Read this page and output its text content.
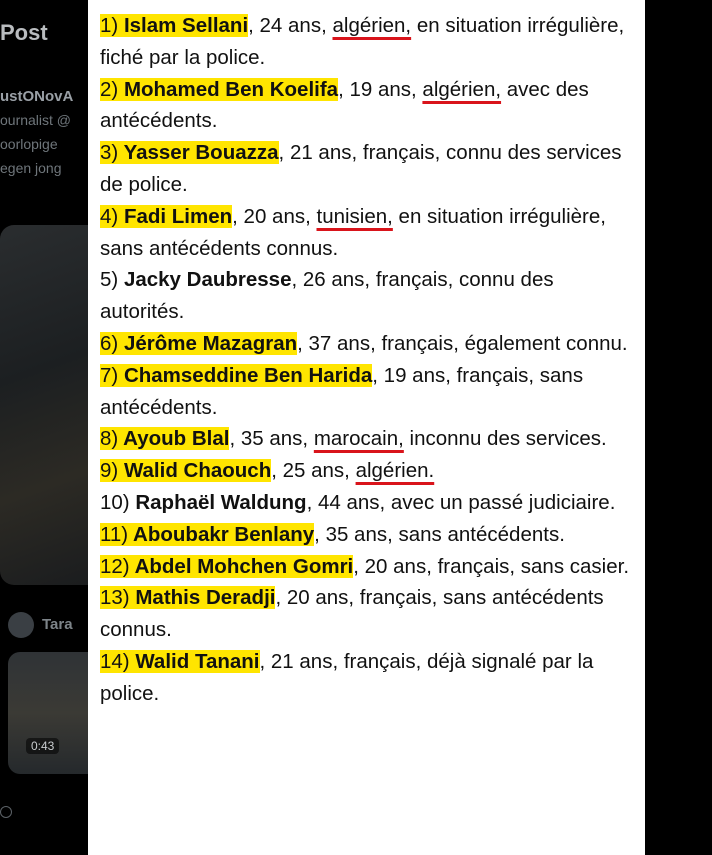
Post
ustONovA
ournalist @
oorlopige
egen jong
Tara
0:43

1) Islam Sellani, 24 ans, algérien, en situation irrégulière, fiché par la police.

2) Mohamed Ben Koelifa, 19 ans, algérien, avec des antécédents.

3) Yasser Bouazza, 21 ans, français, connu des services de police.

4) Fadi Limen, 20 ans, tunisien, en situation irrégulière, sans antécédents connus.

5) Jacky Daubresse, 26 ans, français, connu des autorités.

6) Jérôme Mazagran, 37 ans, français, également connu.

7) Chamseddine Ben Harida, 19 ans, français, sans antécédents.

8) Ayoub Blal, 35 ans, marocain, inconnu des services.

9) Walid Chaouch, 25 ans, algérien.

10) Raphaël Waldung, 44 ans, avec un passé judiciaire.

11) Aboubakr Benlany, 35 ans, sans antécédents.

12) Abdel Mohchen Gomri, 20 ans, français, sans casier.

13) Mathis Deradji, 20 ans, français, sans antécédents connus.

14) Walid Tanani, 21 ans, français, déjà signalé par la police.
